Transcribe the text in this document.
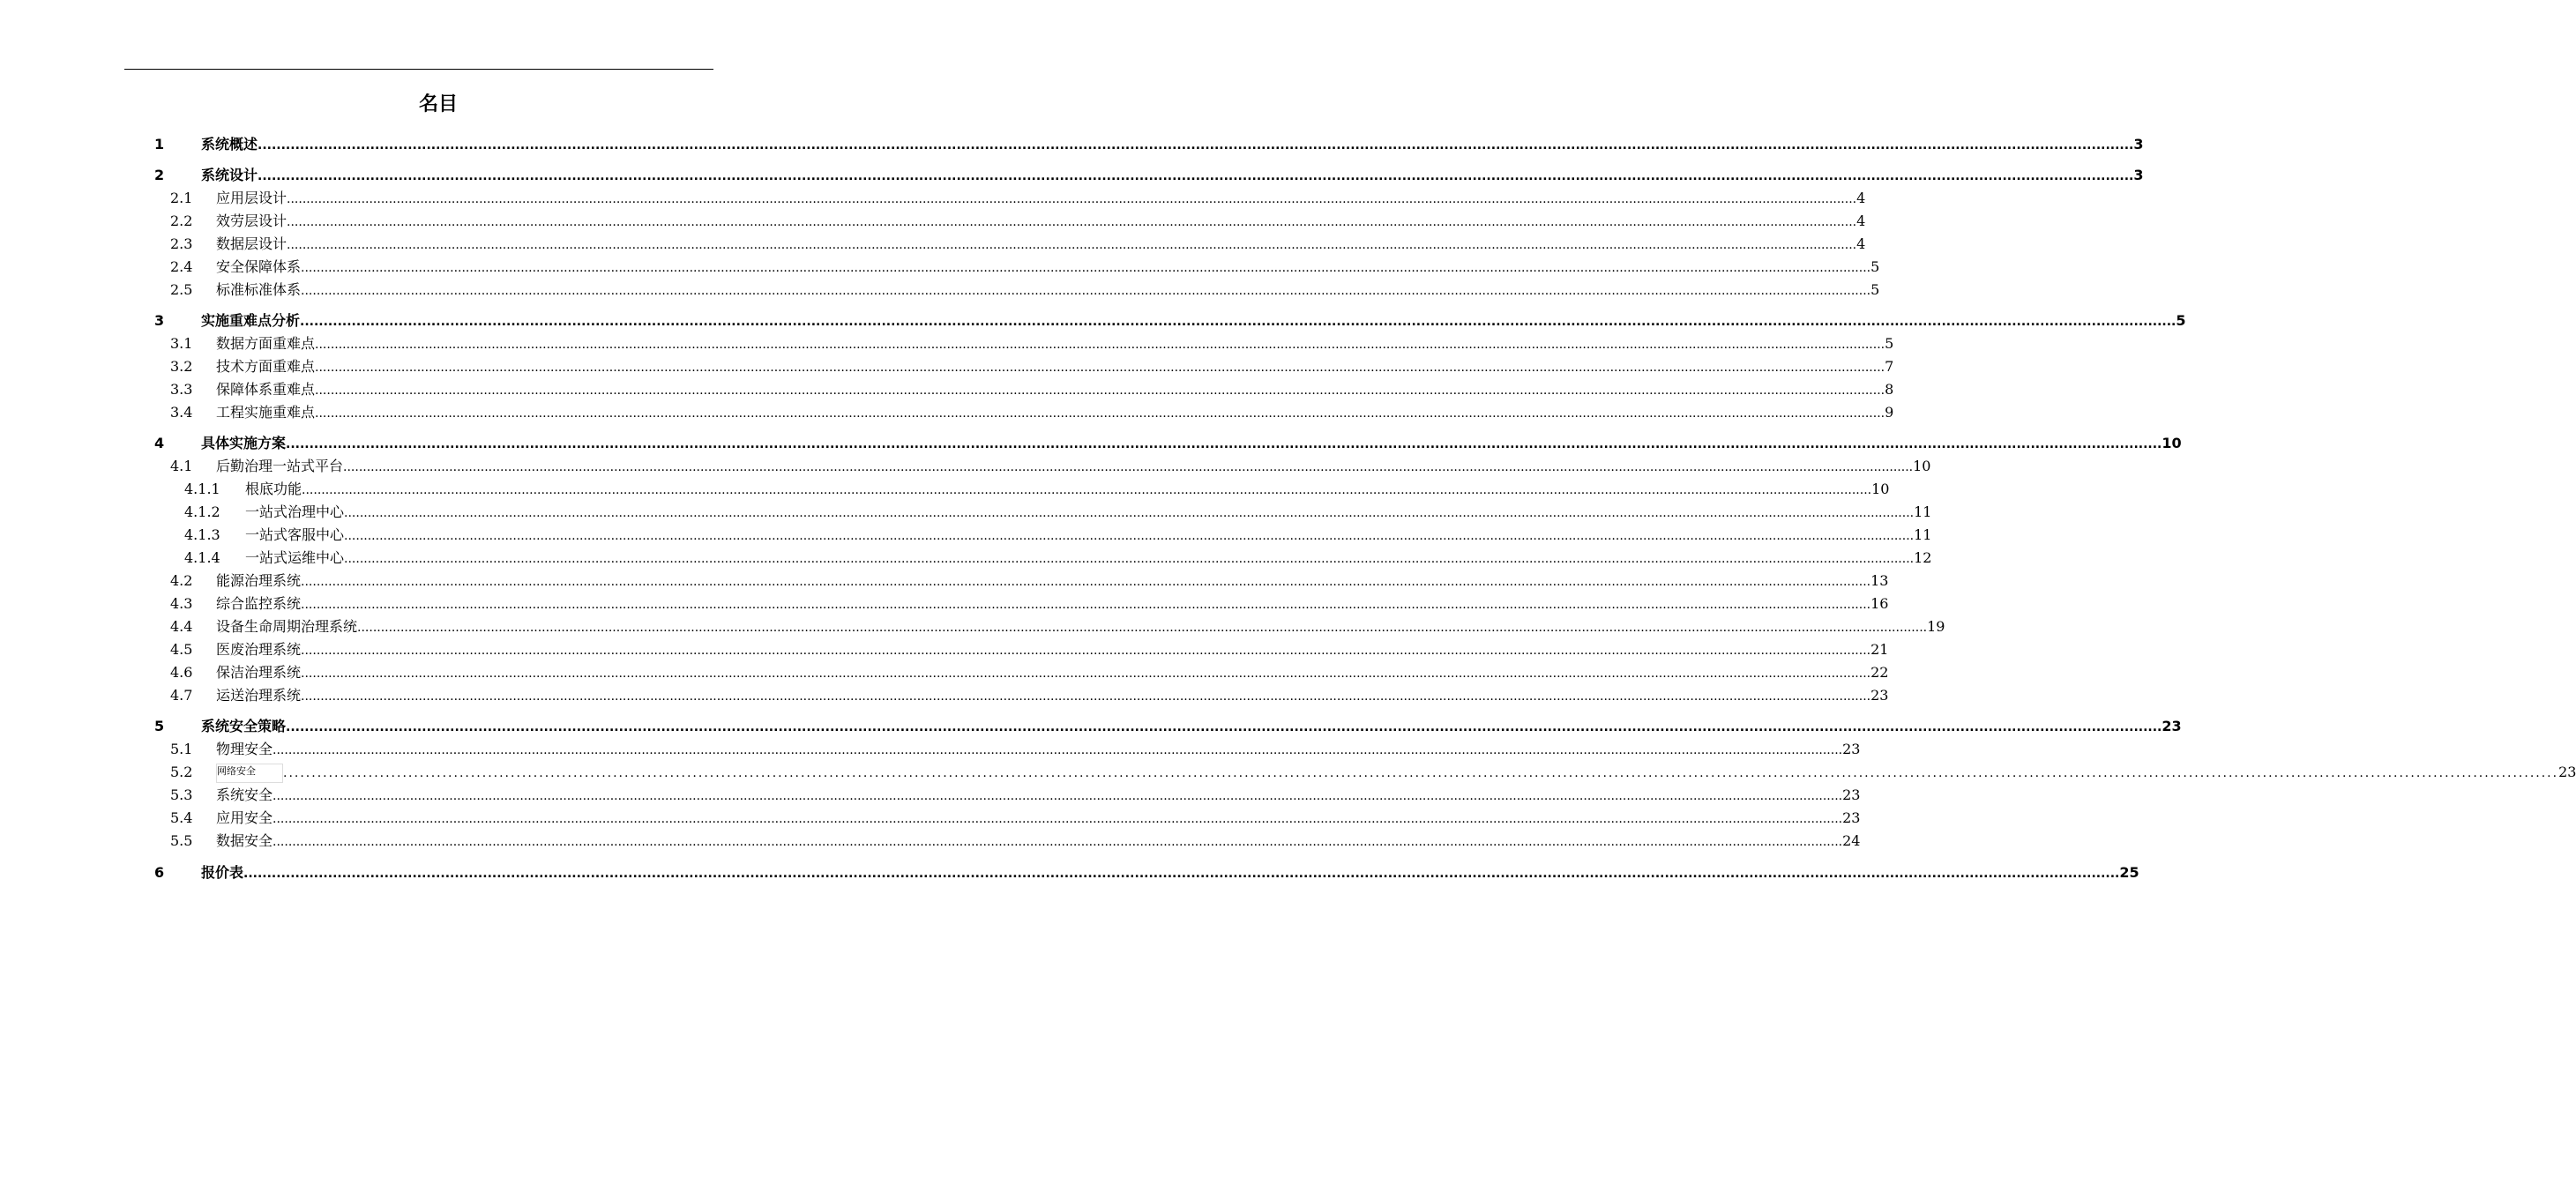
名目
1	系统概述 ................................................................................................................................................................................................................................................................................................................................................................................................................ 3
2	系统设计 ................................................................................................................................................................................................................................................................................................................................................................................................................ 3
2.1	应用层设计 ................................................................................................................................................................................................................................................................................................................................................................................................................ 4
2.2	效劳层设计 ................................................................................................................................................................................................................................................................................................................................................................................................................ 4
2.3	数据层设计 ................................................................................................................................................................................................................................................................................................................................................................................................................ 4
2.4	安全保障体系 ................................................................................................................................................................................................................................................................................................................................................................................................................ 5
2.5	标准标准体系 ................................................................................................................................................................................................................................................................................................................................................................................................................ 5
3	实施重难点分析 ................................................................................................................................................................................................................................................................................................................................................................................................................ 5
3.1	数据方面重难点 ................................................................................................................................................................................................................................................................................................................................................................................................................ 5
3.2	技术方面重难点 ................................................................................................................................................................................................................................................................................................................................................................................................................ 7
3.3	保障体系重难点 ................................................................................................................................................................................................................................................................................................................................................................................................................ 8
3.4	工程实施重难点 ................................................................................................................................................................................................................................................................................................................................................................................................................ 9
4	具体实施方案 ................................................................................................................................................................................................................................................................................................................................................................................................................ 10
4.1	后勤治理一站式平台 ................................................................................................................................................................................................................................................................................................................................................................................................................ 10
4.1.1	根底功能 ................................................................................................................................................................................................................................................................................................................................................................................................................ 10
4.1.2	一站式治理中心 ................................................................................................................................................................................................................................................................................................................................................................................................................ 11
4.1.3	一站式客服中心 ................................................................................................................................................................................................................................................................................................................................................................................................................ 11
4.1.4	一站式运维中心 ................................................................................................................................................................................................................................................................................................................................................................................................................ 12
4.2	能源治理系统 ................................................................................................................................................................................................................................................................................................................................................................................................................ 13
4.3	综合监控系统 ................................................................................................................................................................................................................................................................................................................................................................................................................ 16
4.4	设备生命周期治理系统 ................................................................................................................................................................................................................................................................................................................................................................................................................ 19
4.5	医废治理系统 ................................................................................................................................................................................................................................................................................................................................................................................................................ 21
4.6	保洁治理系统 ................................................................................................................................................................................................................................................................................................................................................................................................................ 22
4.7	运送治理系统 ................................................................................................................................................................................................................................................................................................................................................................................................................ 23
5	系统安全策略 ................................................................................................................................................................................................................................................................................................................................................................................................................ 23
5.1	物理安全 ................................................................................................................................................................................................................................................................................................................................................................................................................ 23
5.2	网络安全	................................................................................................................................................................................................................................................................................................................................................................................................................ 23
5.3	系统安全 ................................................................................................................................................................................................................................................................................................................................................................................................................ 23
5.4	应用安全 ................................................................................................................................................................................................................................................................................................................................................................................................................ 23
5.5	数据安全 ................................................................................................................................................................................................................................................................................................................................................................................................................ 24
6	报价表 ................................................................................................................................................................................................................................................................................................................................................................................................................ 25
